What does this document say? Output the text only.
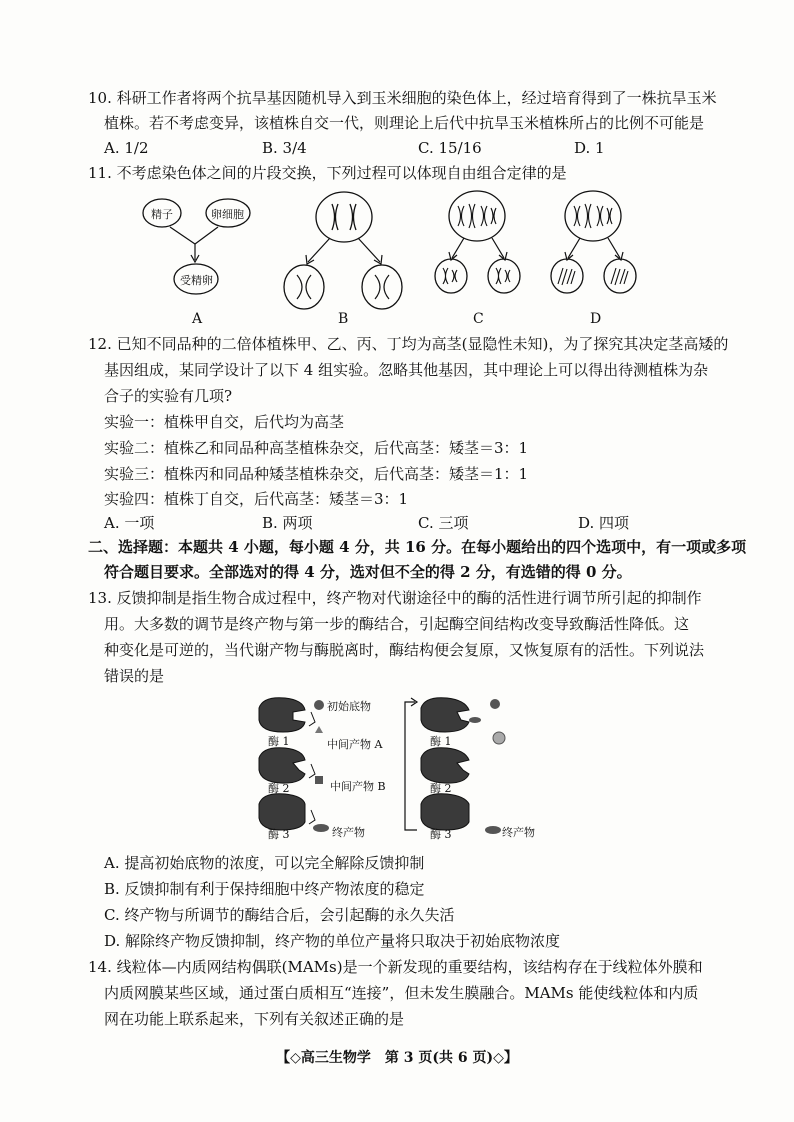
10. 科研工作者将两个抗旱基因随机导入到玉米细胞的染色体上，经过培育得到了一株抗旱玉米
植株。若不考虑变异，该植株自交一代，则理论上后代中抗旱玉米植株所占的比例不可能是
A. 1/2	B. 3/4	C. 15/16	D. 1
11. 不考虑染色体之间的片段交换，下列过程可以体现自由组合定律的是
精子	卵细胞
受精卵
A	B	C	D
12. 已知不同品种的二倍体植株甲、乙、丙、丁均为高茎(显隐性未知)，为了探究其决定茎高矮的
基因组成，某同学设计了以下 4 组实验。忽略其他基因，其中理论上可以得出待测植株为杂
合子的实验有几项?
实验一：植株甲自交，后代均为高茎
实验二：植株乙和同品种高茎植株杂交，后代高茎：矮茎＝3：1
实验三：植株丙和同品种矮茎植株杂交，后代高茎：矮茎＝1：1
实验四：植株丁自交，后代高茎：矮茎＝3：1
A. 一项	B. 两项	C. 三项	D. 四项
二、选择题：本题共 4 小题，每小题 4 分，共 16 分。在每小题给出的四个选项中，有一项或多项
符合题目要求。全部选对的得 4 分，选对但不全的得 2 分，有选错的得 0 分。
13. 反馈抑制是指生物合成过程中，终产物对代谢途径中的酶的活性进行调节所引起的抑制作
用。大多数的调节是终产物与第一步的酶结合，引起酶空间结构改变导致酶活性降低。这
种变化是可逆的，当代谢产物与酶脱离时，酶结构便会复原，又恢复原有的活性。下列说法
错误的是
初始底物
中间产物 A
中间产物 B
终产物
酶 1
酶 2
酶 3
酶 1
酶 2
酶 3	终产物
A. 提高初始底物的浓度，可以完全解除反馈抑制
B. 反馈抑制有利于保持细胞中终产物浓度的稳定
C. 终产物与所调节的酶结合后，会引起酶的永久失活
D. 解除终产物反馈抑制，终产物的单位产量将只取决于初始底物浓度
14. 线粒体—内质网结构偶联(MAMs)是一个新发现的重要结构，该结构存在于线粒体外膜和
内质网膜某些区域，通过蛋白质相互“连接”，但未发生膜融合。MAMs 能使线粒体和内质
网在功能上联系起来，下列有关叙述正确的是
【◇高三生物学　第 3 页(共 6 页)◇】
